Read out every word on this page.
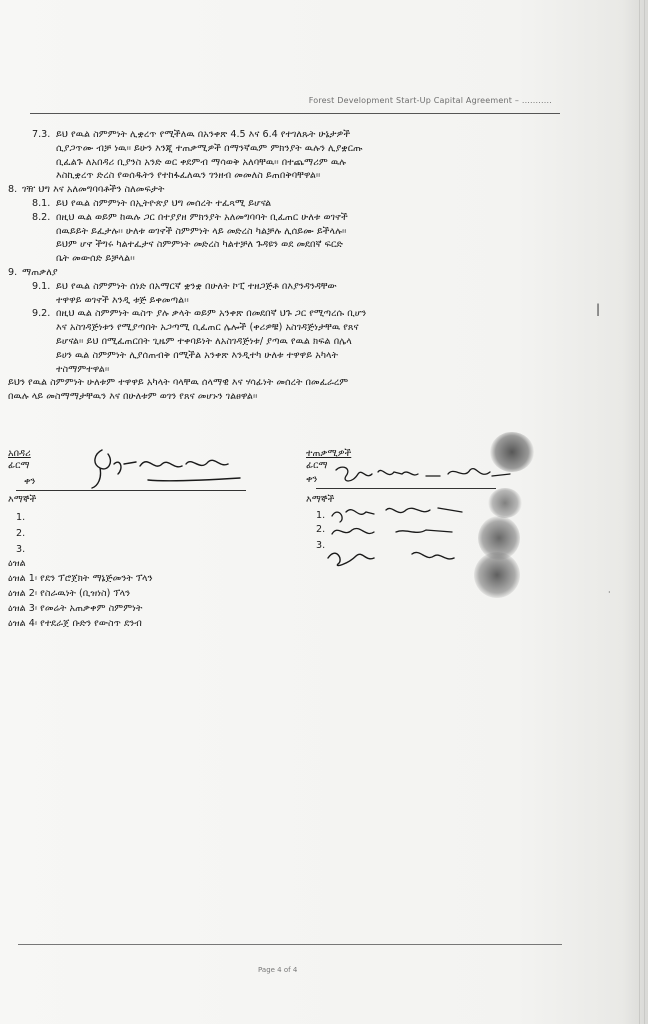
Forest Development Start-Up Capital Agreement – ...........
7.3. ይህ የዉል ስምምነት ሊቋረጥ የሚችለዉ በአንቀጽ 4.5 እና 6.4 የተገለጹት ሁኔታዎች
ሲያጋጥሙ ብቻ ነዉ፡፡ ይሁን እንጂ ተጠቃሚዎች በማንኛዉም ምክንያት ዉሉን ሊያቋርጡ
ቢፈልጉ ለአበዳሪ ቢያንስ አንድ ወር ቀደምብ ማሳወቅ አለባቸዉ፡፡ በተጨማሪም ዉሉ
እስኪቋረጥ ድረስ የወሰዱትን የተከፋፈለዉን ገንዘብ መመለስ ይጠበቅባቸዋል፡፡
8. ገዥ ህግ እና አለመግባባቶችን ስለመፍታት
8.1. ይህ የዉል ስምምነት በኢትዮጵያ ህግ መሰረት ተፈጻሚ ይሆናል
8.2. በዚህ ዉል ወይም ከዉሉ ጋር በተያያዘ ምክንያት አለመግባባት ቢፈጠር ሁለቱ ወገኖች
በዉይይት ይፈታሉ፡፡ ሁለቱ ወገኖች ስምምነት ላይ መድረስ ካልቻሉ ሊሰይሙ ይችላሉ፡፡
ይህም ሆኖ ችግሩ ካልተፈታና ስምምነት መድረስ ካልተቻለ ጉዳዩን ወደ መደበኛ ፍርድ
ቤት መውሰድ ይቻላል፡፡
9. ማጠቃለያ
9.1. ይህ የዉል ስምምነት ሰነድ በአማርኛ ቋንቋ በሁለት ኮፒ ተዘጋጅቶ በእያንዳንዳቸው
ተዋዋይ ወገኖች እንዲ ቱጅ ይቀመጣል፡፡
9.2. በዚህ ዉል ስምምነት ዉስጥ ያሉ ቃላት ወይም አንቀጽ በመደበኛ ህጉ ጋር የሚጣረሱ ቢሆን
እና አስገዳጅነቱን የሚያጣበት አጋጣሚ ቢፈጠር ሌሎች (ቀሪዎቹ) አስገዳጅነታቸዉ የጸና
ይሆናል፡፡ ይህ በሚፈጠርበት ጊዜም ተቀባይነት ለአስገዳጅነቱ/ ያጣዉ የዉል ክፍል በሌላ
ይሀን ዉል ስምምነት ሊያሰጠብቅ በሚችል አንቀጽ እንዲተካ ሁለቱ ተዋዋይ አካላት
ተስማምተዋል፡፡
ይህን የዉል ስምምነት ሁለቱም ተዋዋይ አካላት ባላቸዉ ሰላማዊ እና ሃሳፊነት መሰረት በመፈራረም
በዉሉ ላይ መስማማታቸዉን እና በሁለቱም ወገን የጸና መሆኑን ገልፀዋል፡፡
|
·
አበዳሪ
ፊርማ
ቀን
እማኞች
1.
2.
3.
ተጠቃሚዎች
ፊርማ
ቀን
እማኞች
1.
2.
3.
ዕዝል
ዕዝል 1፡ የደን ፕሮጀክት ማኔጅመንት ፕላን
ዕዝል 2፡ የስራዉነት (ቢዝነስ) ፕላን
ዕዝል 3፡ የመሬት አጠቃቀም ስምምነት
ዕዝል 4፡ የተደራጀ ቡድን የውስጥ ደንብ
Page 4 of 4
